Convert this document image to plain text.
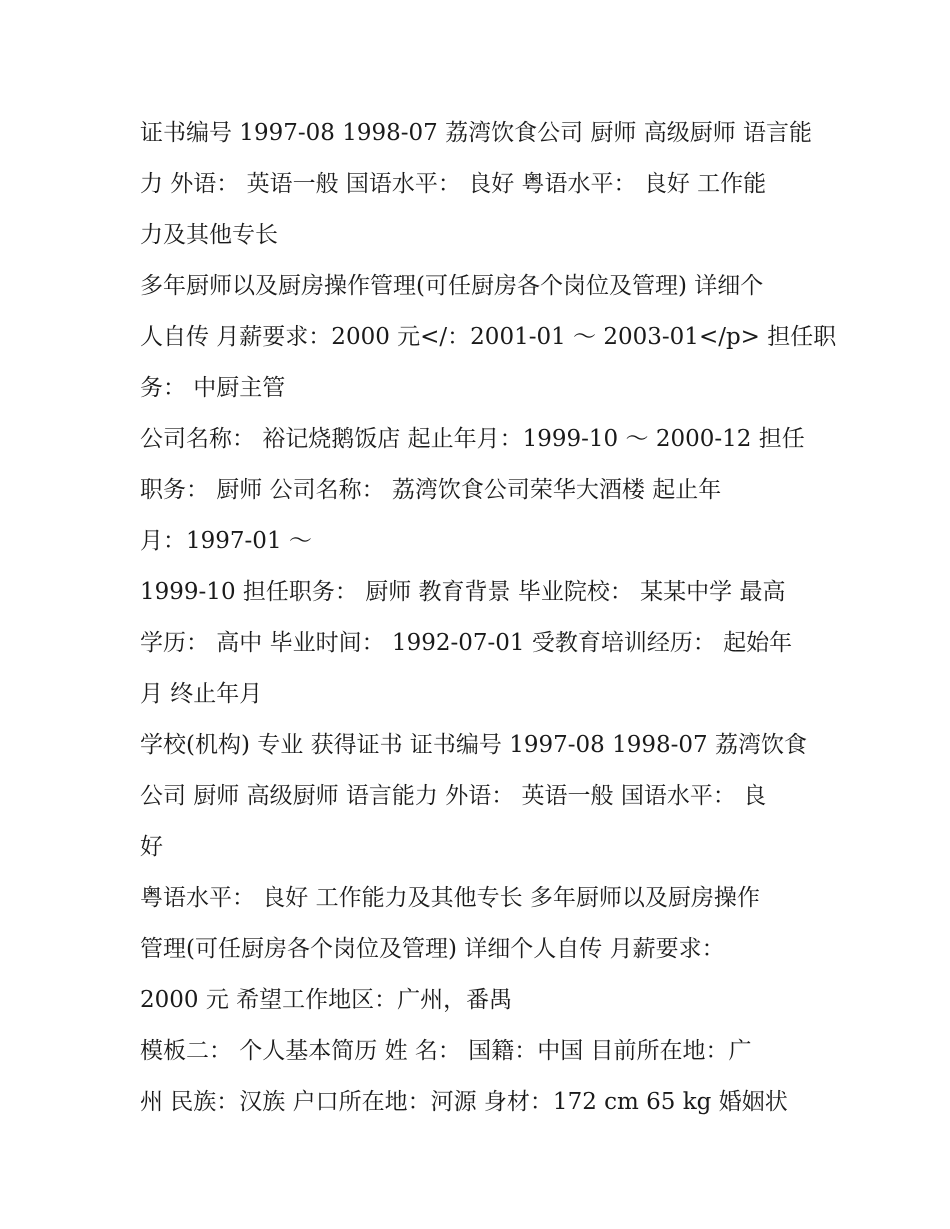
证书编号 1997-08 1998-07 荔湾饮食公司 厨师 高级厨师 语言能
力 外语： 英语一般 国语水平： 良好 粤语水平： 良好 工作能
力及其他专长
多年厨师以及厨房操作管理(可任厨房各个岗位及管理) 详细个
人自传 月薪要求：2000 元</：2001-01 ～ 2003-01</p> 担任职
务： 中厨主管
公司名称： 裕记烧鹅饭店 起止年月：1999-10 ～ 2000-12 担任
职务： 厨师 公司名称： 荔湾饮食公司荣华大酒楼 起止年
月：1997-01 ～
1999-10 担任职务： 厨师 教育背景 毕业院校： 某某中学 最高
学历： 高中 毕业时间： 1992-07-01 受教育培训经历： 起始年
月 终止年月
学校(机构) 专业 获得证书 证书编号 1997-08 1998-07 荔湾饮食
公司 厨师 高级厨师 语言能力 外语： 英语一般 国语水平： 良
好
粤语水平： 良好 工作能力及其他专长 多年厨师以及厨房操作
管理(可任厨房各个岗位及管理) 详细个人自传 月薪要求：
2000 元 希望工作地区：广州，番禺
模板二： 个人基本简历 姓 名： 国籍：中国 目前所在地：广
州 民族：汉族 户口所在地：河源 身材：172 cm 65 kg 婚姻状
